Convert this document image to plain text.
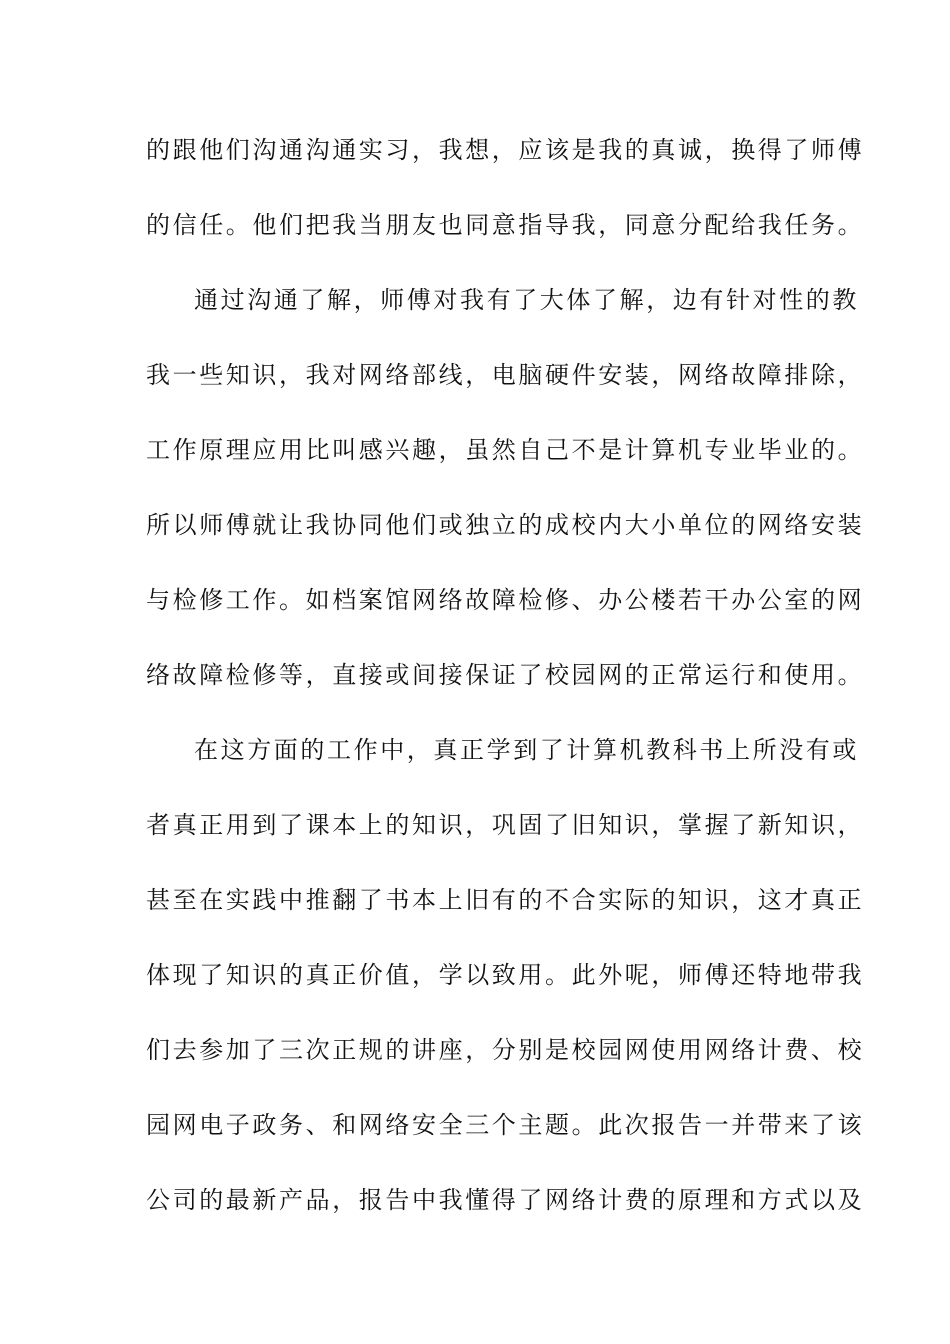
的跟他们沟通沟通实习，我想，应该是我的真诚，换得了师傅
的信任。他们把我当朋友也同意指导我，同意分配给我任务。
通过沟通了解，师傅对我有了大体了解，边有针对性的教
我一些知识，我对网络部线，电脑硬件安装，网络故障排除，
工作原理应用比叫感兴趣，虽然自己不是计算机专业毕业的。
所以师傅就让我协同他们或独立的成校内大小单位的网络安装
与检修工作。如档案馆网络故障检修、办公楼若干办公室的网
络故障检修等，直接或间接保证了校园网的正常运行和使用。
在这方面的工作中，真正学到了计算机教科书上所没有或
者真正用到了课本上的知识，巩固了旧知识，掌握了新知识，
甚至在实践中推翻了书本上旧有的不合实际的知识，这才真正
体现了知识的真正价值，学以致用。此外呢，师傅还特地带我
们去参加了三次正规的讲座，分别是校园网使用网络计费、校
园网电子政务、和网络安全三个主题。此次报告一并带来了该
公司的最新产品，报告中我懂得了网络计费的原理和方式以及
